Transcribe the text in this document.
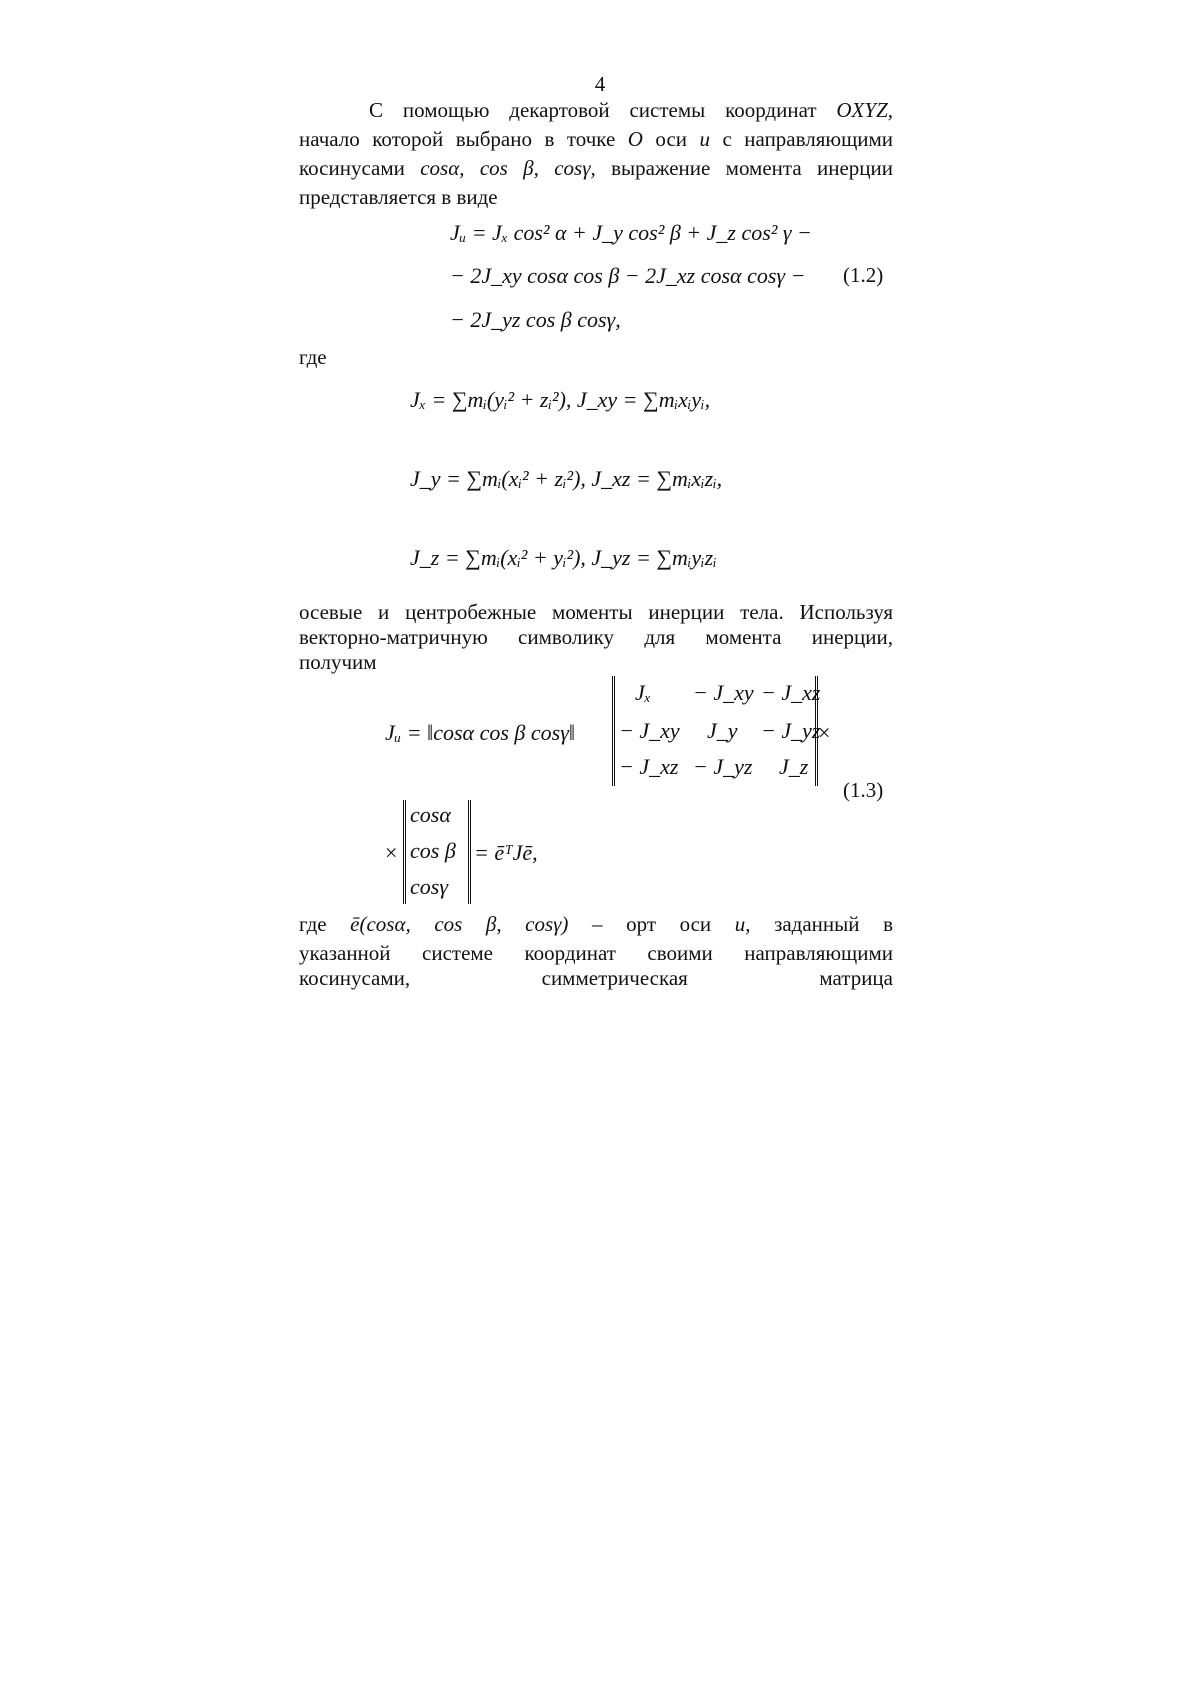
4
С помощью декартовой системы координат OXYZ,
начало которой выбрано в точке O оси u с направляющими
косинусами cosα, cos β, cosγ, выражение момента инерции
представляется в виде
Jᵤ = Jₓ cos² α + J_y cos² β + J_z cos² γ −
− 2J_xy cosα cos β − 2J_xz cosα cosγ −
− 2J_yz cos β cosγ,
(1.2)
где
Jₓ = ∑mᵢ(yᵢ² + zᵢ²), J_xy = ∑mᵢxᵢyᵢ,
J_y = ∑mᵢ(xᵢ² + zᵢ²), J_xz = ∑mᵢxᵢzᵢ,
J_z = ∑mᵢ(xᵢ² + yᵢ²), J_yz = ∑mᵢyᵢzᵢ
осевые и центробежные моменты инерции тела. Используя
векторно-матричную символику для момента инерции,
получим
Jᵤ = ‖cosα cos β cosγ‖
Jₓ − J_xy − J_xz
− J_xy J_y − J_yz
− J_xz − J_yz J_z
×
(1.3)
×
cosα
cos β
cosγ
= ēᵀJē,
где ē(cosα, cos β, cosγ) – орт оси u, заданный в
указанной системе координат своими направляющими
косинусами, симметрическая матрица
